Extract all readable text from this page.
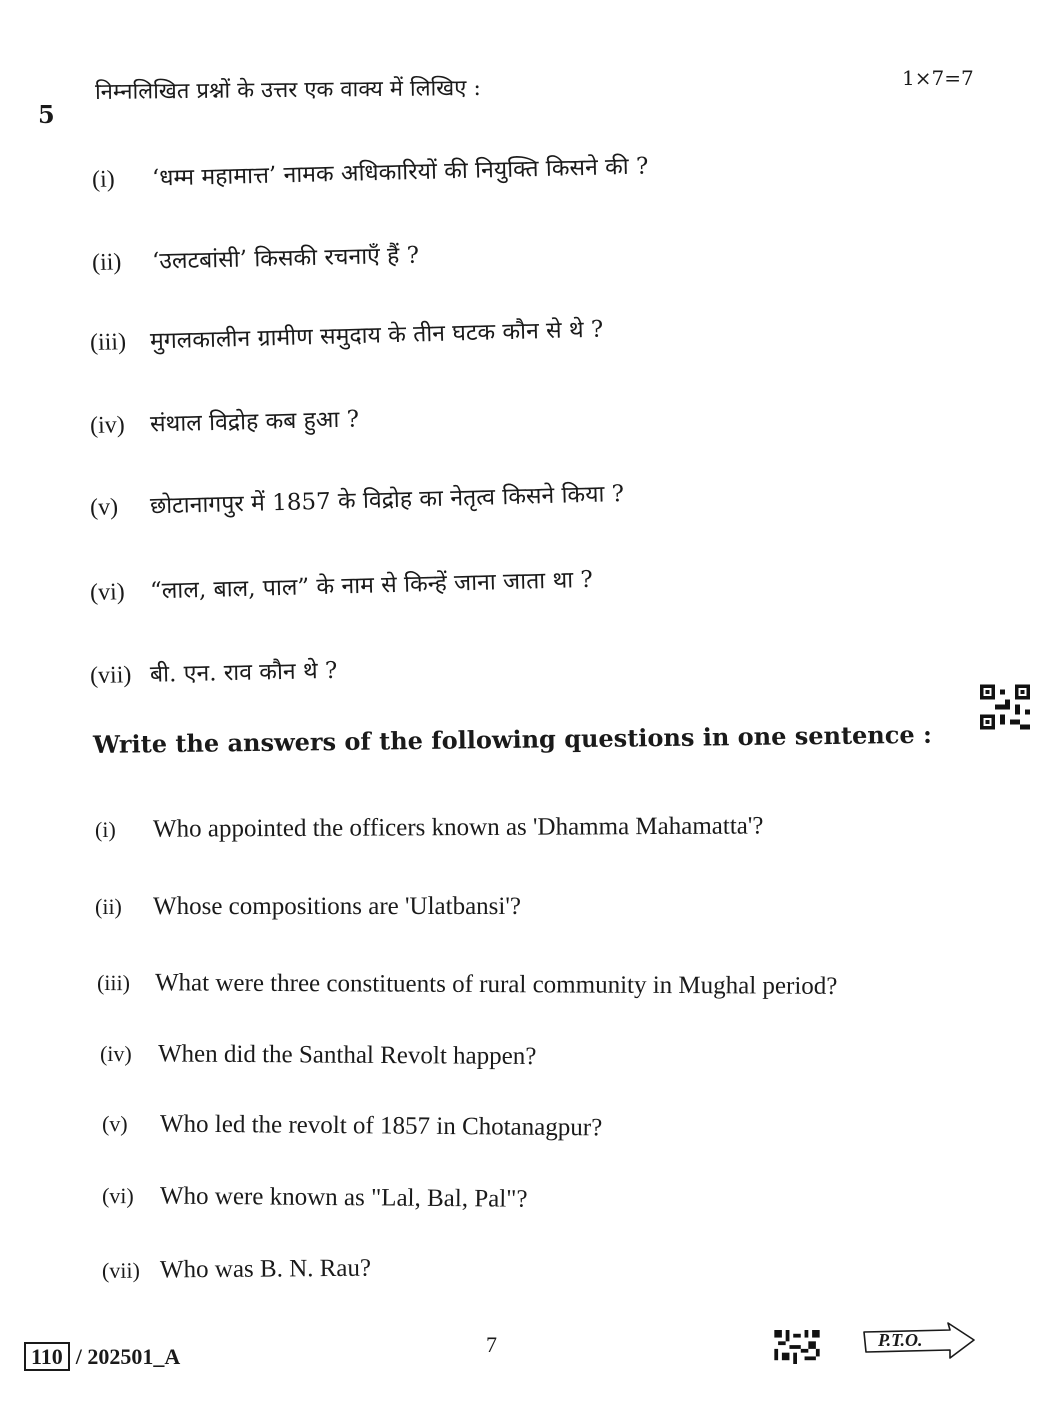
5
1×7=7
निम्नलिखित प्रश्नों के उत्तर एक वाक्य में लिखिए :
(i) ‘धम्म महामात्त’ नामक अधिकारियों की नियुक्ति किसने की ?
(ii) ‘उलटबांसी’ किसकी रचनाएँ हैं ?
(iii) मुगलकालीन ग्रामीण समुदाय के तीन घटक कौन से थे ?
(iv) संथाल विद्रोह कब हुआ ?
(v) छोटानागपुर में 1857 के विद्रोह का नेतृत्व किसने किया ?
(vi) “लाल, बाल, पाल” के नाम से किन्हें जाना जाता था ?
(vii) बी. एन. राव कौन थे ?
Write the answers of the following questions in one sentence :
(i) Who appointed the officers known as 'Dhamma Mahamatta'?
(ii) Whose compositions are 'Ulatbansi'?
(iii) What were three constituents of rural community in Mughal period?
(iv) When did the Santhal Revolt happen?
(v) Who led the revolt of 1857 in Chotanagpur?
(vi) Who were known as "Lal, Bal, Pal"?
(vii) Who was B. N. Rau?
110 / 202501_A	7	P.T.O.
